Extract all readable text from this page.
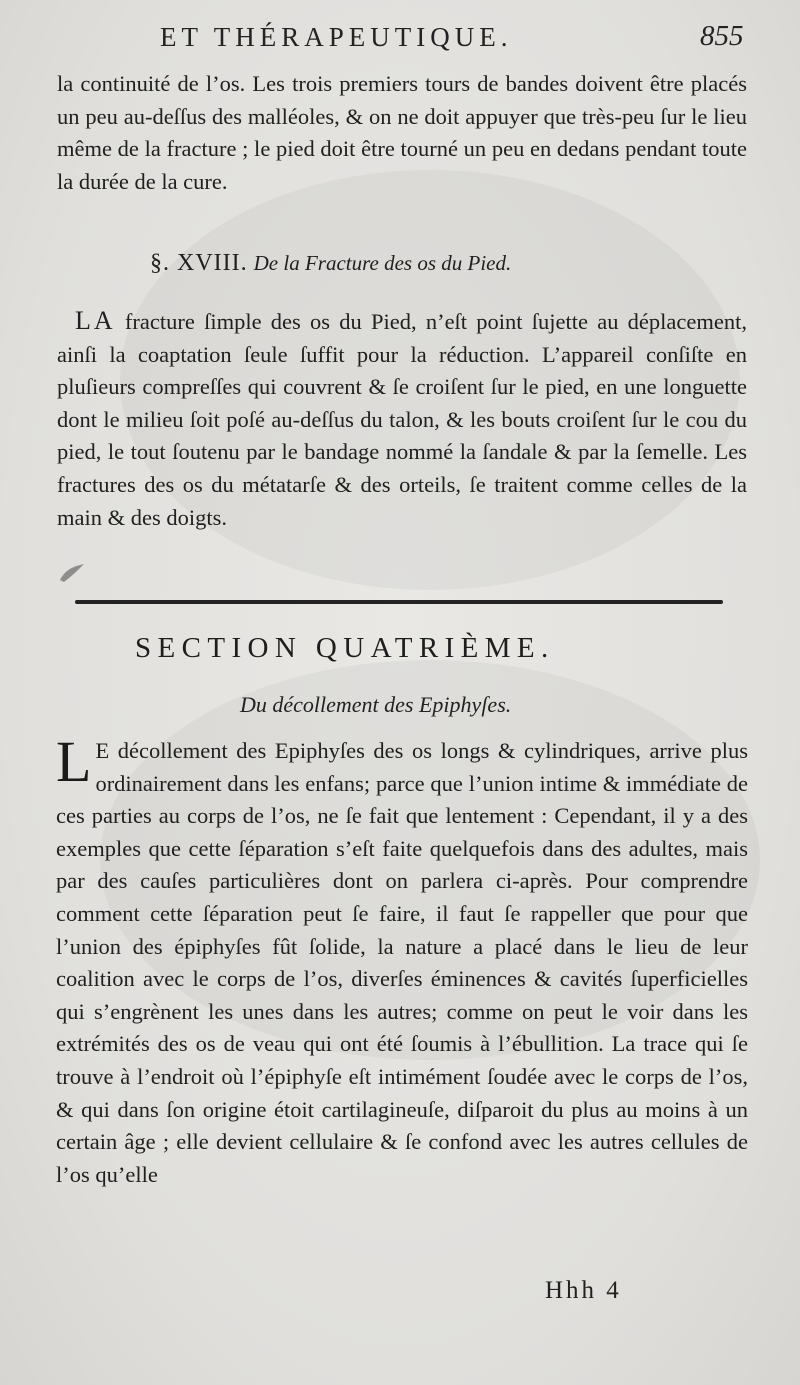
ET THÉRAPEUTIQUE.	855

la continuité de l’os. Les trois premiers tours de bandes doivent être placés un peu au-deſſus des malléoles, & on ne doit appuyer que très-peu ſur le lieu même de la fracture ; le pied doit être tourné un peu en dedans pendant toute la durée de la cure.

§. XVIII. De la Fracture des os du Pied.

LA fracture ſimple des os du Pied, n’eſt point ſujette au déplacement, ainſi la coaptation ſeule ſuffit pour la réduction. L’appareil conſiſte en pluſieurs compreſſes qui couvrent & ſe croiſent ſur le pied, en une longuette dont le milieu ſoit poſé au-deſſus du talon, & les bouts croiſent ſur le cou du pied, le tout ſoutenu par le bandage nommé la ſandale & par la ſemelle. Les fractures des os du métatarſe & des orteils, ſe traitent comme celles de la main & des doigts.

SECTION QUATRIÈME.
Du décollement des Epiphyſes.
L E décollement des Epiphyſes des os longs & cylindriques, arrive plus ordinairement dans les enfans; parce que l’union intime & immédiate de ces parties au corps de l’os, ne ſe fait que lentement : Cependant, il y a des exemples que cette ſéparation s’eſt faite quelquefois dans des adultes, mais par des cauſes particulières dont on parlera ci-après. Pour comprendre comment cette ſéparation peut ſe faire, il faut ſe rappeller que pour que l’union des épiphyſes fût ſolide, la nature a placé dans le lieu de leur coalition avec le corps de l’os, diverſes éminences & cavités ſuperficielles qui s’engrènent les unes dans les autres; comme on peut le voir dans les extrémités des os de veau qui ont été ſoumis à l’ébullition. La trace qui ſe trouve à l’endroit où l’épiphyſe eſt intimément ſoudée avec le corps de l’os, & qui dans ſon origine étoit cartilagineuſe, diſparoit du plus au moins à un certain âge ; elle devient cellulaire & ſe confond avec les autres cellules de l’os qu’elle

Hhh 4
